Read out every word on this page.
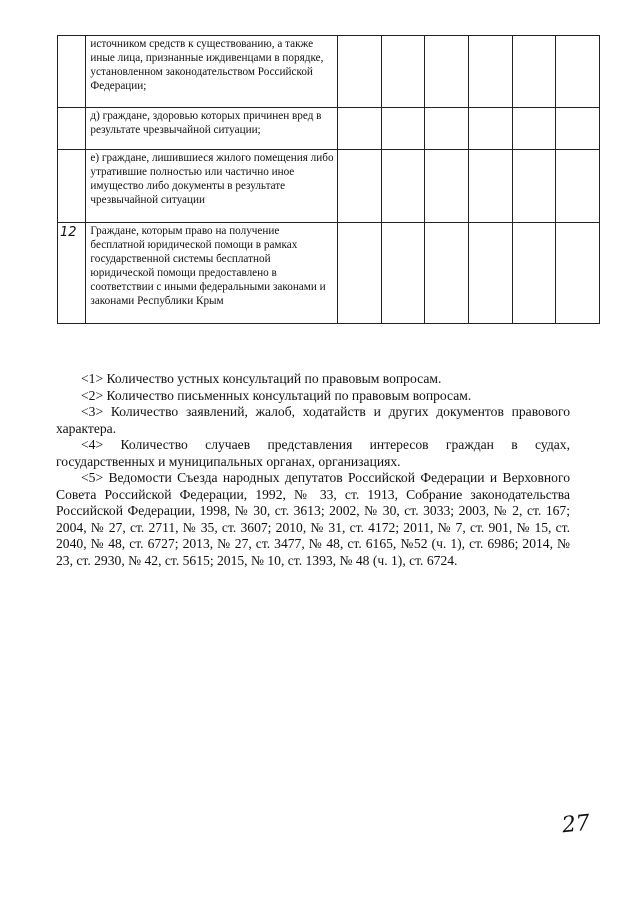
	источником средств к существованию, а также иные лица, признанные иждивенцами в порядке, установленном законодательством Российской Федерации;						
	д) граждане, здоровью которых причинен вред в результате чрезвычайной ситуации;						
	е) граждане, лишившиеся жилого помещения либо утратившие полностью или частично иное имущество либо документы в результате чрезвычайной ситуации						
12	Граждане, которым право на получение бесплатной юридической помощи в рамках государственной системы бесплатной юридической помощи предоставлено в соответствии с иными федеральными законами и законами Республики Крым						

<1> Количество устных консультаций по правовым вопросам.

<2> Количество письменных консультаций по правовым вопросам.

<3> Количество заявлений, жалоб, ходатайств и других документов правового характера.

<4> Количество случаев представления интересов граждан в судах, государственных и муниципальных органах, организациях.

<5> Ведомости Съезда народных депутатов Российской Федерации и Верховного Совета Российской Федерации, 1992, № 33, ст. 1913, Собрание законодательства Российской Федерации, 1998, № 30, ст. 3613; 2002, № 30, ст. 3033; 2003, № 2, ст. 167; 2004, № 27, ст. 2711, № 35, ст. 3607; 2010, № 31, ст. 4172; 2011, № 7, ст. 901, № 15, ст. 2040, № 48, ст. 6727; 2013, № 27, ст. 3477, № 48, ст. 6165, №52 (ч. 1), ст. 6986; 2014, № 23, ст. 2930, № 42, ст. 5615; 2015, № 10, ст. 1393, № 48 (ч. 1), ст. 6724.

27
